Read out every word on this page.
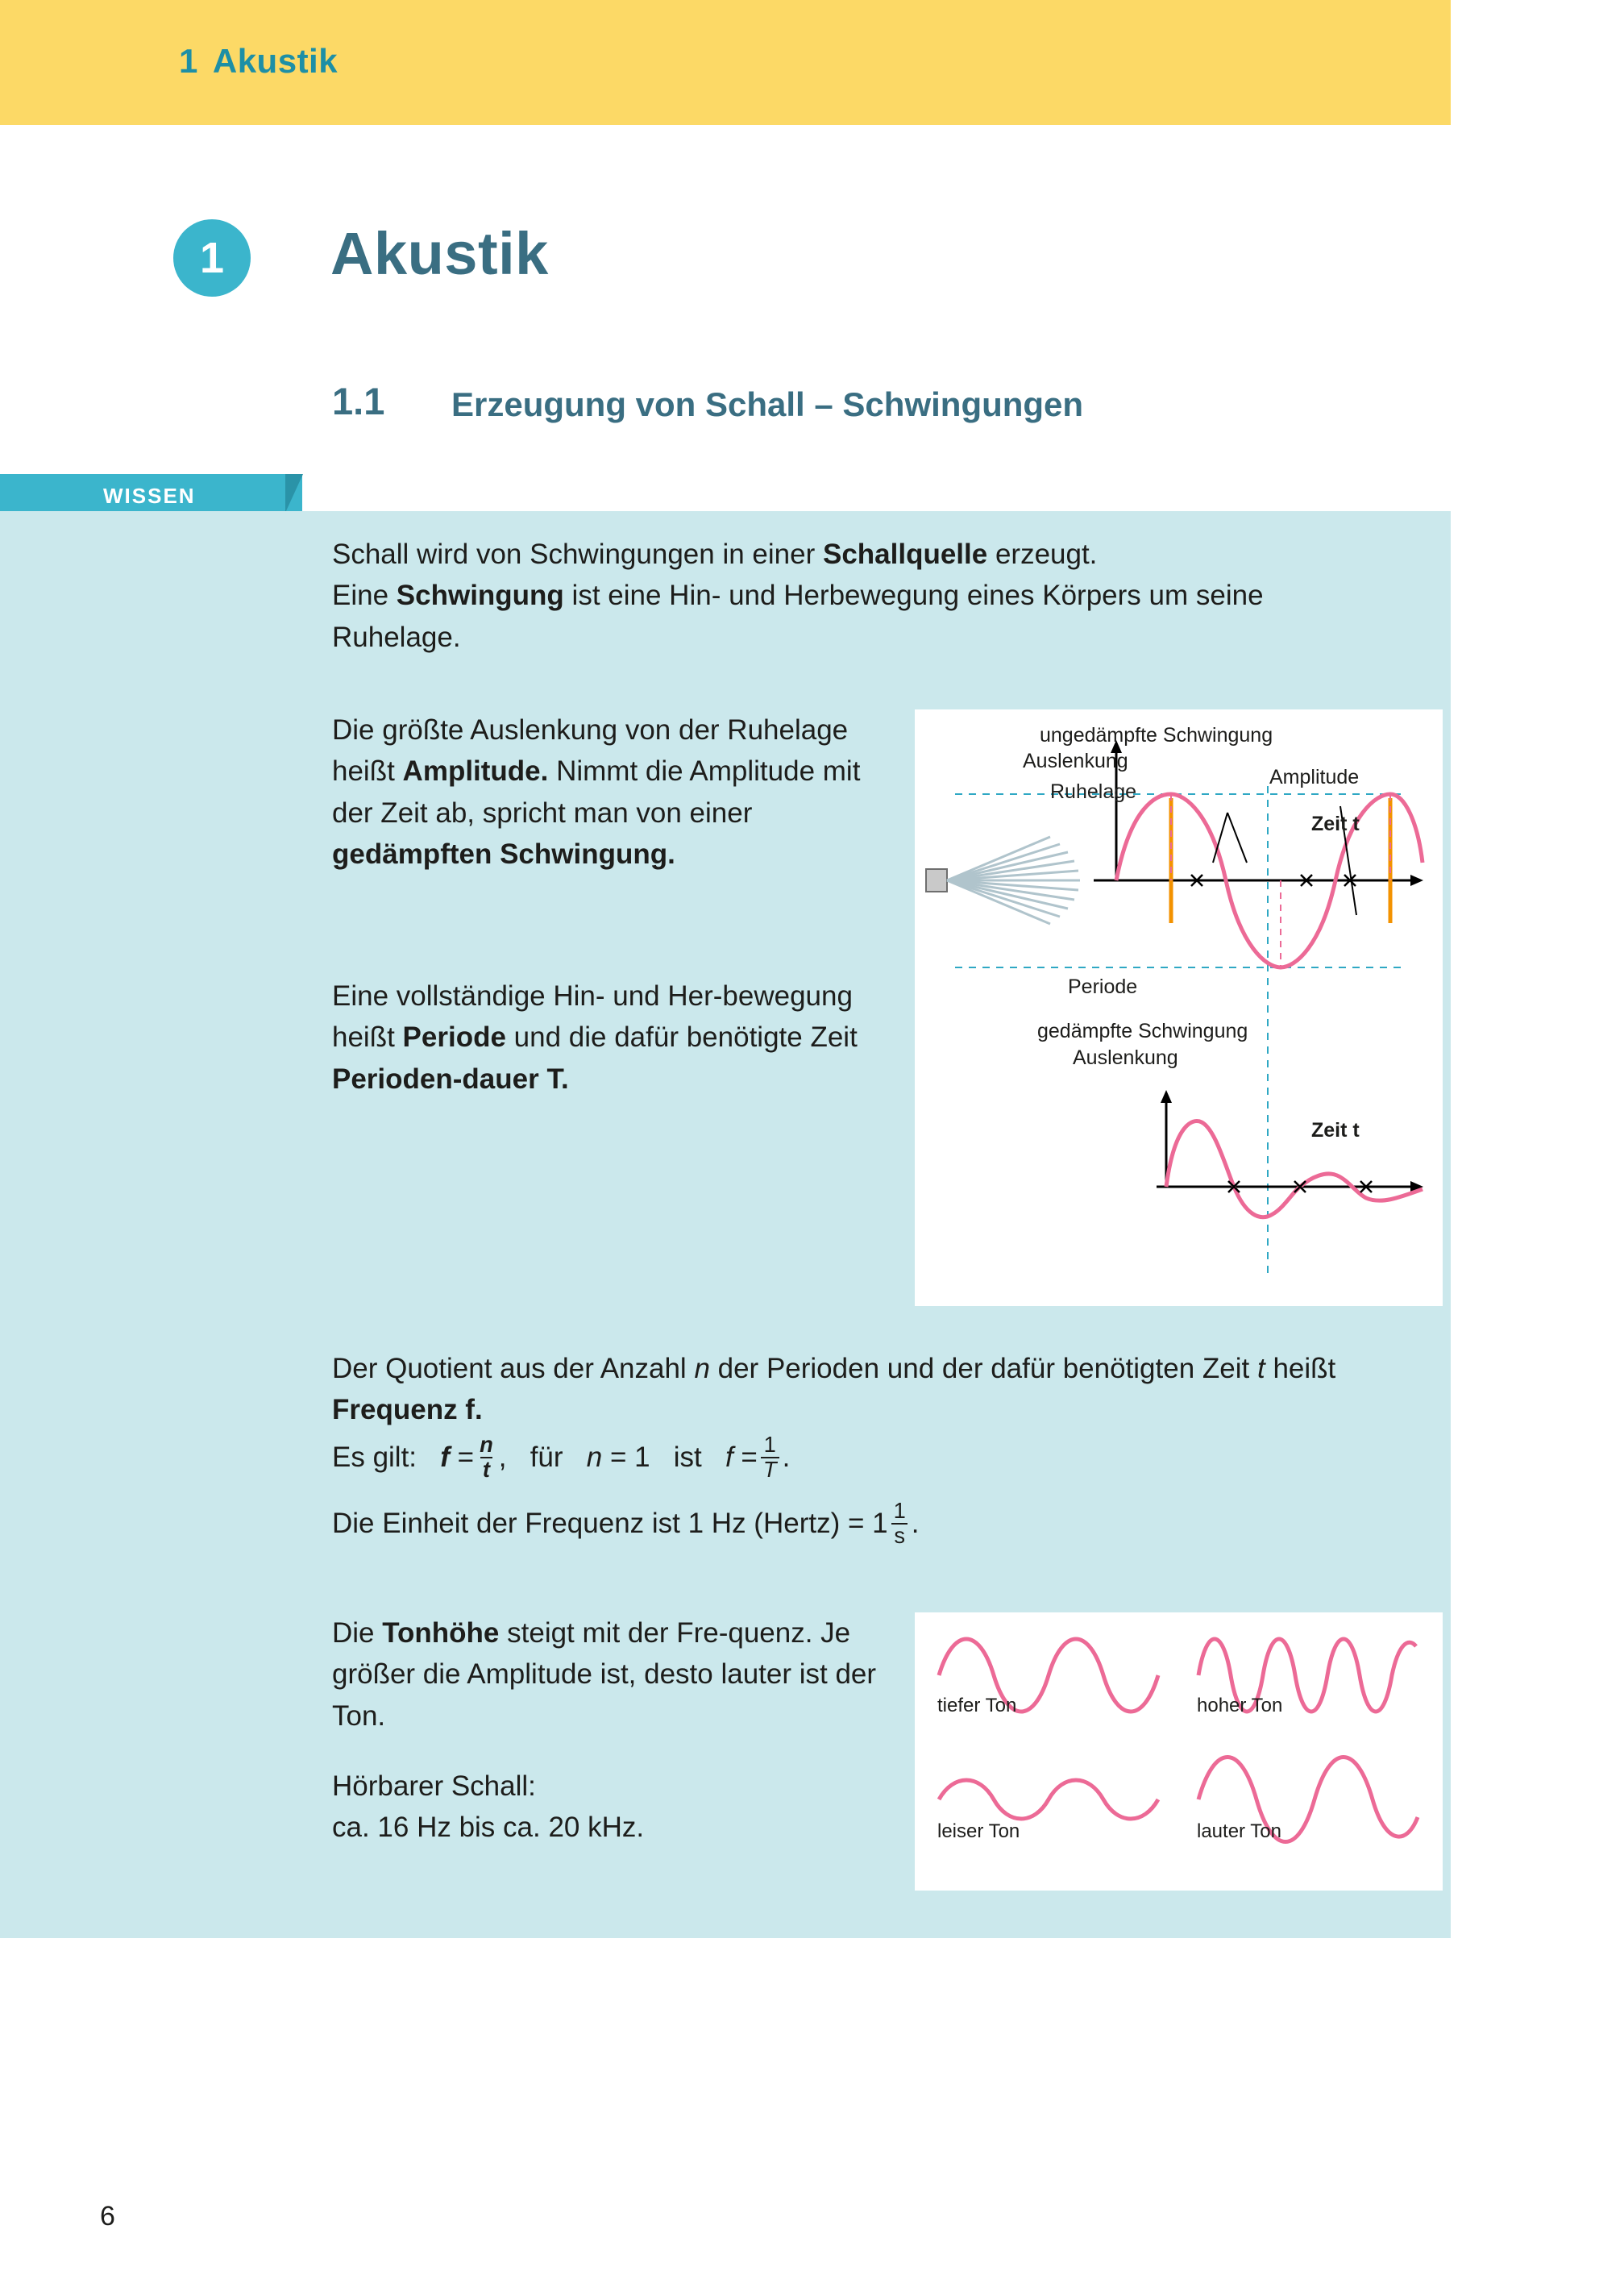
1 Akustik
1	Akustik
1.1 Erzeugung von Schall – Schwingungen
WISSEN
Schall wird von Schwingungen in einer Schallquelle erzeugt.
Eine Schwingung ist eine Hin- und Herbewegung eines Körpers um seine
Ruhelage.
Die größte Auslenkung von der Ruhelage heißt Amplitude. Nimmt die Amplitude mit der Zeit ab, spricht man von einer gedämpften Schwingung.
Eine vollständige Hin- und Her-bewegung heißt Periode und die dafür benötigte Zeit Perioden-dauer T.
Der Quotient aus der Anzahl n der Perioden und der dafür benötigten Zeit t heißt Frequenz f.
Es gilt: $f = \frac{n}{t}$ , für n = 1 ist $f = \frac{1}{T}$ .
Die Einheit der Frequenz ist 1 Hz (Hertz) = $1 \frac{1}{s}$ .
Die Tonhöhe steigt mit der Fre-quenz. Je größer die Amplitude ist, desto lauter ist der Ton.
Hörbarer Schall:
ca. 16 Hz bis ca. 20 kHz.
ungedämpfte Schwingung
Auslenkung
Ruhelage
Amplitude
Zeit t
Periode
gedämpfte Schwingung
Auslenkung
Zeit t
tiefer Ton	hoher Ton
leiser Ton	lauter Ton
6
